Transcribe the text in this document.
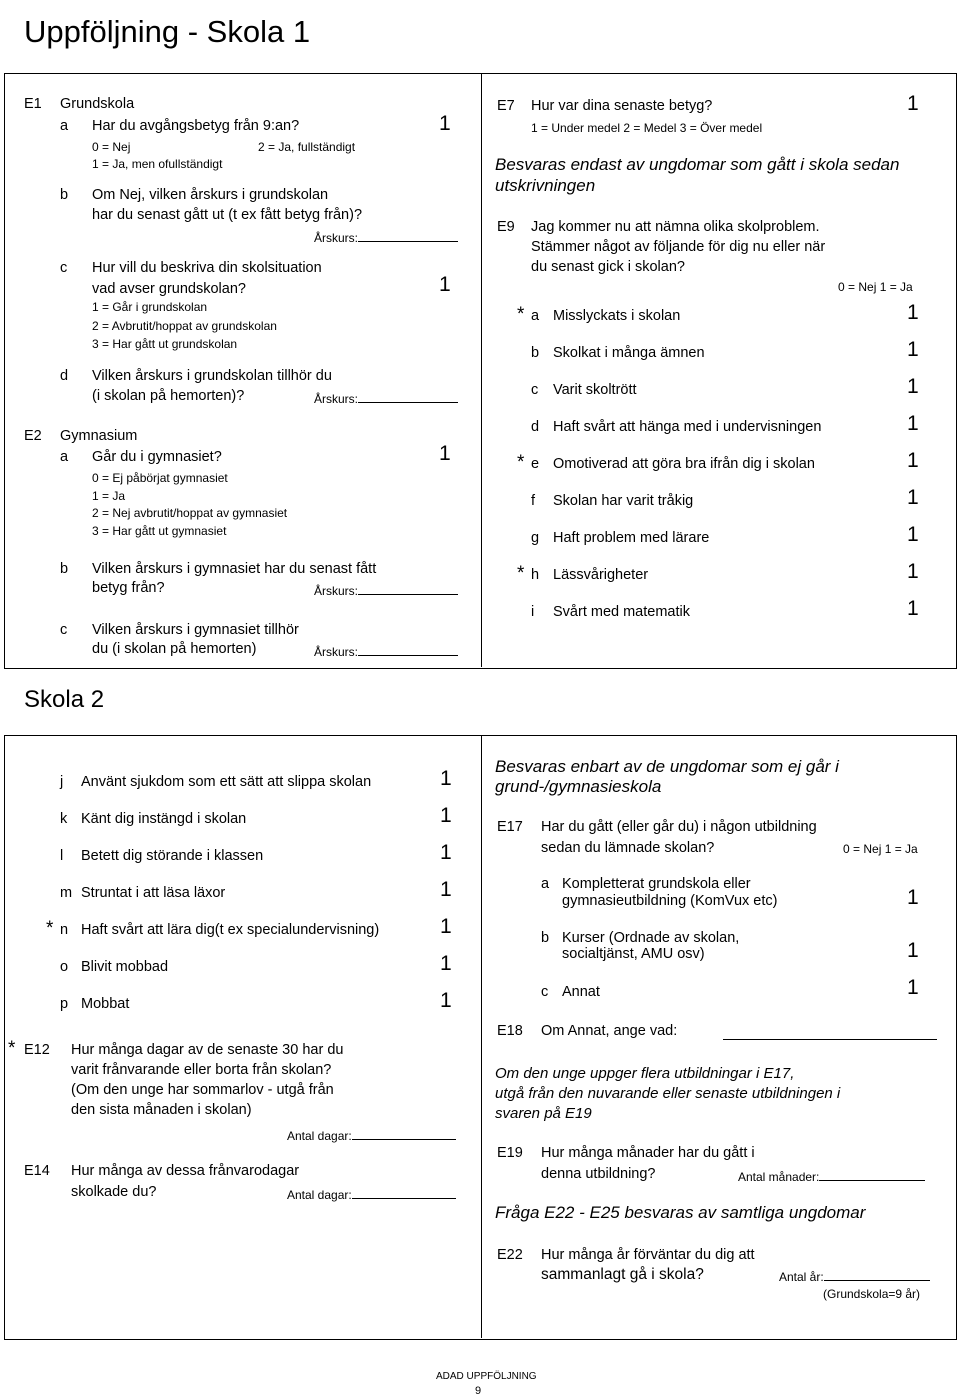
Uppföljning - Skola 1
E1 Grundskola
a Har du avgångsbetyg från 9:an?	1
0 = Nej	2 = Ja, fullständigt
1 = Ja, men ofullständigt
b Om Nej, vilken årskurs i grundskolan
har du senast gått ut (t ex fått betyg från)?
Årskurs:
c Hur vill du beskriva din skolsituation
vad avser grundskolan?	1
1 = Går i grundskolan
2 = Avbrutit/hoppat av grundskolan
3 = Har gått ut grundskolan
d Vilken årskurs i grundskolan tillhör du
(i skolan på hemorten)?	Årskurs:
E2 Gymnasium
a Går du i gymnasiet?	1
0 = Ej påbörjat gymnasiet
1 = Ja
2 = Nej avbrutit/hoppat av gymnasiet
3 = Har gått ut gymnasiet
b Vilken årskurs i gymnasiet har du senast fått
betyg från?	Årskurs:
c Vilken årskurs i gymnasiet tillhör
du (i skolan på hemorten)	Årskurs:
E7 Hur var dina senaste betyg?	1
1 = Under medel 2 = Medel 3 = Över medel
Besvaras endast av ungdomar som gått i skola sedan utskrivningen
E9 Jag kommer nu att nämna olika skolproblem.
Stämmer något av följande för dig nu eller när
du senast gick i skolan?
0 = Nej 1 = Ja
* a Misslyckats i skolan	1
b Skolkat i många ämnen	1
c Varit skoltrött	1
d Haft svårt att hänga med i undervisningen	1
* e Omotiverad att göra bra ifrån dig i skolan	1
f Skolan har varit tråkig	1
g Haft problem med lärare	1
* h Lässvårigheter	1
i Svårt med matematik	1
Skola 2
j Använt sjukdom som ett sätt att slippa skolan	1
k Känt dig instängd i skolan	1
l Betett dig störande i klassen	1
m Struntat i att läsa läxor	1
* n Haft svårt att lära dig(t ex specialundervisning)	1
o Blivit mobbad	1
p Mobbat	1
* E12 Hur många dagar av de senaste 30 har du
varit frånvarande eller borta från skolan?
(Om den unge har sommarlov - utgå från
den sista månaden i skolan)
Antal dagar:
E14 Hur många av dessa frånvarodagar
skolkade du?	Antal dagar:
Besvaras enbart av de ungdomar som ej går i grund-/gymnasieskola
E17 Har du gått (eller går du) i någon utbildning
sedan du lämnade skolan?	0 = Nej 1 = Ja
a Kompletterat grundskola eller
gymnasieutbildning (KomVux etc)	1
b Kurser (Ordnade av skolan,
socialtjänst, AMU osv)	1
c Annat	1
E18 Om Annat, ange vad:
Om den unge uppger flera utbildningar i E17,
utgå från den nuvarande eller senaste utbildningen i
svaren på E19
E19 Hur många månader har du gått i
denna utbildning?	Antal månader:
Fråga E22 - E25 besvaras av samtliga ungdomar
E22 Hur många år förväntar du dig att
sammanlagt gå i skola?	Antal år:
(Grundskola=9 år)
ADAD UPPFÖLJNING
9
